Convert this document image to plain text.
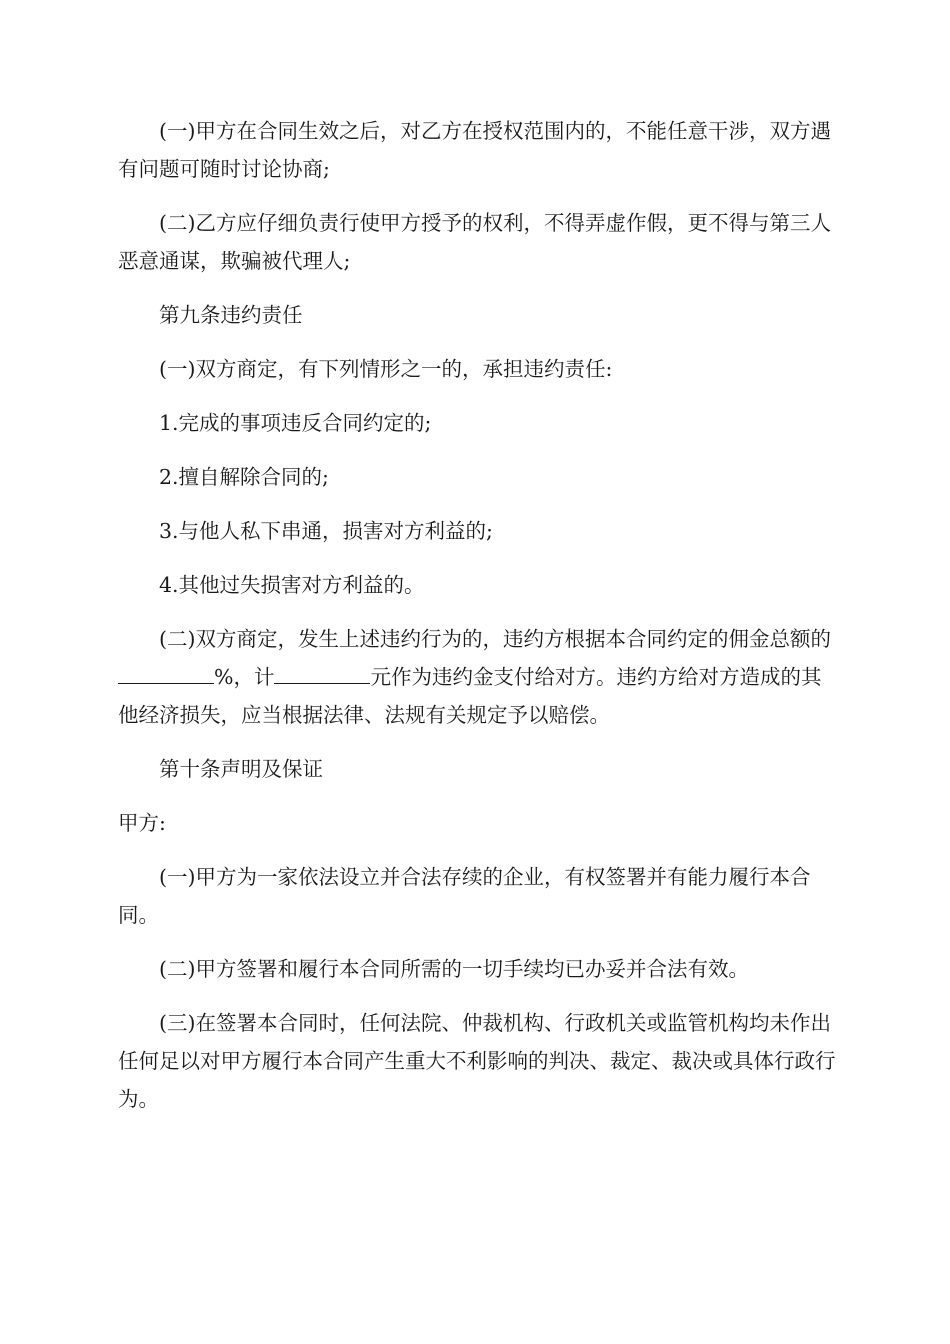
(一)甲方在合同生效之后，对乙方在授权范围内的，不能任意干涉，双方遇有问题可随时讨论协商;

(二)乙方应仔细负责行使甲方授予的权利，不得弄虚作假，更不得与第三人恶意通谋，欺骗被代理人;

第九条违约责任

(一)双方商定，有下列情形之一的，承担违约责任:

1.完成的事项违反合同约定的;

2.擅自解除合同的;

3.与他人私下串通，损害对方利益的;

4.其他过失损害对方利益的。

(二)双方商定，发生上述违约行为的，违约方根据本合同约定的佣金总额的%，计	元作为违约金支付给对方。违约方给对方造成的其他经济损失，应当根据法律、法规有关规定予以赔偿。

第十条声明及保证

甲方:

(一)甲方为一家依法设立并合法存续的企业，有权签署并有能力履行本合同。

(二)甲方签署和履行本合同所需的一切手续均已办妥并合法有效。

(三)在签署本合同时，任何法院、仲裁机构、行政机关或监管机构均未作出任何足以对甲方履行本合同产生重大不利影响的判决、裁定、裁决或具体行政行为。
